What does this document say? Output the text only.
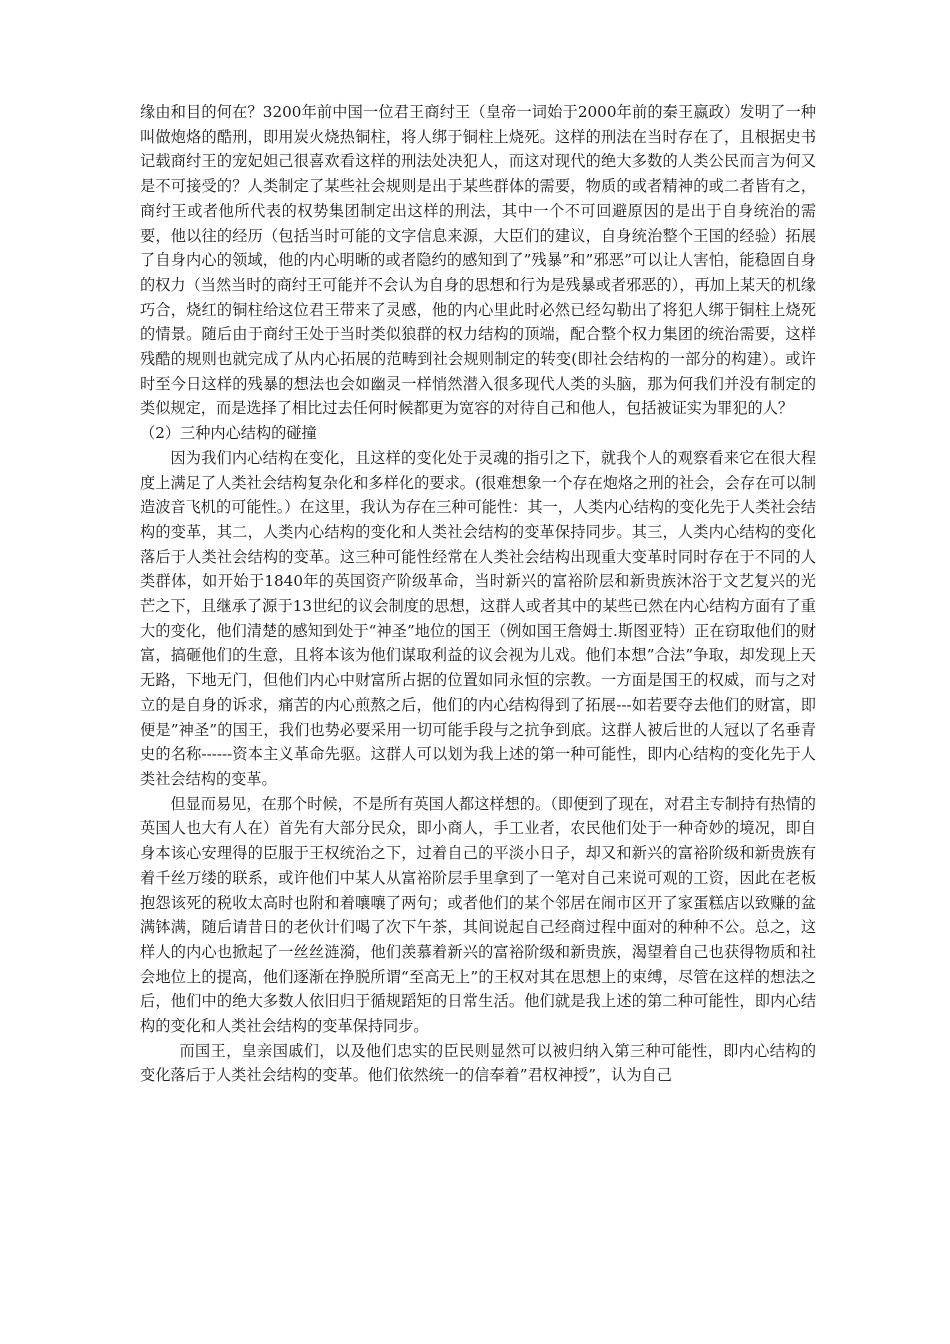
缘由和目的何在？3200年前中国一位君王商纣王（皇帝一词始于2000年前的秦王嬴政）发明了一种叫做炮烙的酷刑，即用炭火烧热铜柱，将人绑于铜柱上烧死。这样的刑法在当时存在了，且根据史书记载商纣王的宠妃妲己很喜欢看这样的刑法处决犯人，而这对现代的绝大多数的人类公民而言为何又是不可接受的？人类制定了某些社会规则是出于某些群体的需要，物质的或者精神的或二者皆有之，商纣王或者他所代表的权势集团制定出这样的刑法，其中一个不可回避原因的是出于自身统治的需要，他以往的经历（包括当时可能的文字信息来源，大臣们的建议，自身统治整个王国的经验）拓展了自身内心的领域，他的内心明晰的或者隐约的感知到了”残暴”和”邪恶”可以让人害怕，能稳固自身的权力（当然当时的商纣王可能并不会认为自身的思想和行为是残暴或者邪恶的），再加上某天的机缘巧合，烧红的铜柱给这位君王带来了灵感，他的内心里此时必然已经勾勒出了将犯人绑于铜柱上烧死的情景。随后由于商纣王处于当时类似狼群的权力结构的顶端，配合整个权力集团的统治需要，这样残酷的规则也就完成了从内心拓展的范畴到社会规则制定的转变(即社会结构的一部分的构建）。或许时至今日这样的残暴的想法也会如幽灵一样悄然潜入很多现代人类的头脑，那为何我们并没有制定的类似规定，而是选择了相比过去任何时候都更为宽容的对待自己和他人，包括被证实为罪犯的人？

（2）三种内心结构的碰撞

因为我们内心结构在变化，且这样的变化处于灵魂的指引之下，就我个人的观察看来它在很大程度上满足了人类社会结构复杂化和多样化的要求。(很难想象一个存在炮烙之刑的社会，会存在可以制造波音飞机的可能性。）在这里，我认为存在三种可能性：其一，人类内心结构的变化先于人类社会结构的变革，其二，人类内心结构的变化和人类社会结构的变革保持同步。其三，人类内心结构的变化落后于人类社会结构的变革。这三种可能性经常在人类社会结构出现重大变革时同时存在于不同的人类群体，如开始于1840年的英国资产阶级革命，当时新兴的富裕阶层和新贵族沐浴于文艺复兴的光芒之下，且继承了源于13世纪的议会制度的思想，这群人或者其中的某些已然在内心结构方面有了重大的变化，他们清楚的感知到处于“神圣”地位的国王（例如国王詹姆士.斯图亚特）正在窃取他们的财富，搞砸他们的生意，且将本该为他们谋取利益的议会视为儿戏。他们本想”合法”争取，却发现上天无路，下地无门，但他们内心中财富所占据的位置如同永恒的宗教。一方面是国王的权威，而与之对立的是自身的诉求，痛苦的内心煎熬之后，他们的内心结构得到了拓展---如若要夺去他们的财富，即便是”神圣”的国王，我们也势必要采用一切可能手段与之抗争到底。这群人被后世的人冠以了名垂青史的名称------资本主义革命先驱。这群人可以划为我上述的第一种可能性，即内心结构的变化先于人类社会结构的变革。

但显而易见，在那个时候，不是所有英国人都这样想的。（即便到了现在，对君主专制持有热情的英国人也大有人在）首先有大部分民众，即小商人，手工业者，农民他们处于一种奇妙的境况，即自身本该心安理得的臣服于王权统治之下，过着自己的平淡小日子，却又和新兴的富裕阶级和新贵族有着千丝万缕的联系，或许他们中某人从富裕阶层手里拿到了一笔对自己来说可观的工资，因此在老板抱怨该死的税收太高时也附和着嚷嚷了两句；或者他们的某个邻居在闹市区开了家蛋糕店以致赚的盆满钵满，随后请昔日的老伙计们喝了次下午茶，其间说起自己经商过程中面对的种种不公。总之，这样人的内心也掀起了一丝丝涟漪，他们羡慕着新兴的富裕阶级和新贵族，渴望着自己也获得物质和社会地位上的提高，他们逐渐在挣脱所谓“至高无上”的王权对其在思想上的束缚，尽管在这样的想法之后，他们中的绝大多数人依旧归于循规蹈矩的日常生活。他们就是我上述的第二种可能性，即内心结构的变化和人类社会结构的变革保持同步。

而国王，皇亲国戚们，以及他们忠实的臣民则显然可以被归纳入第三种可能性，即内心结构的变化落后于人类社会结构的变革。他们依然统一的信奉着”君权神授”，认为自己
